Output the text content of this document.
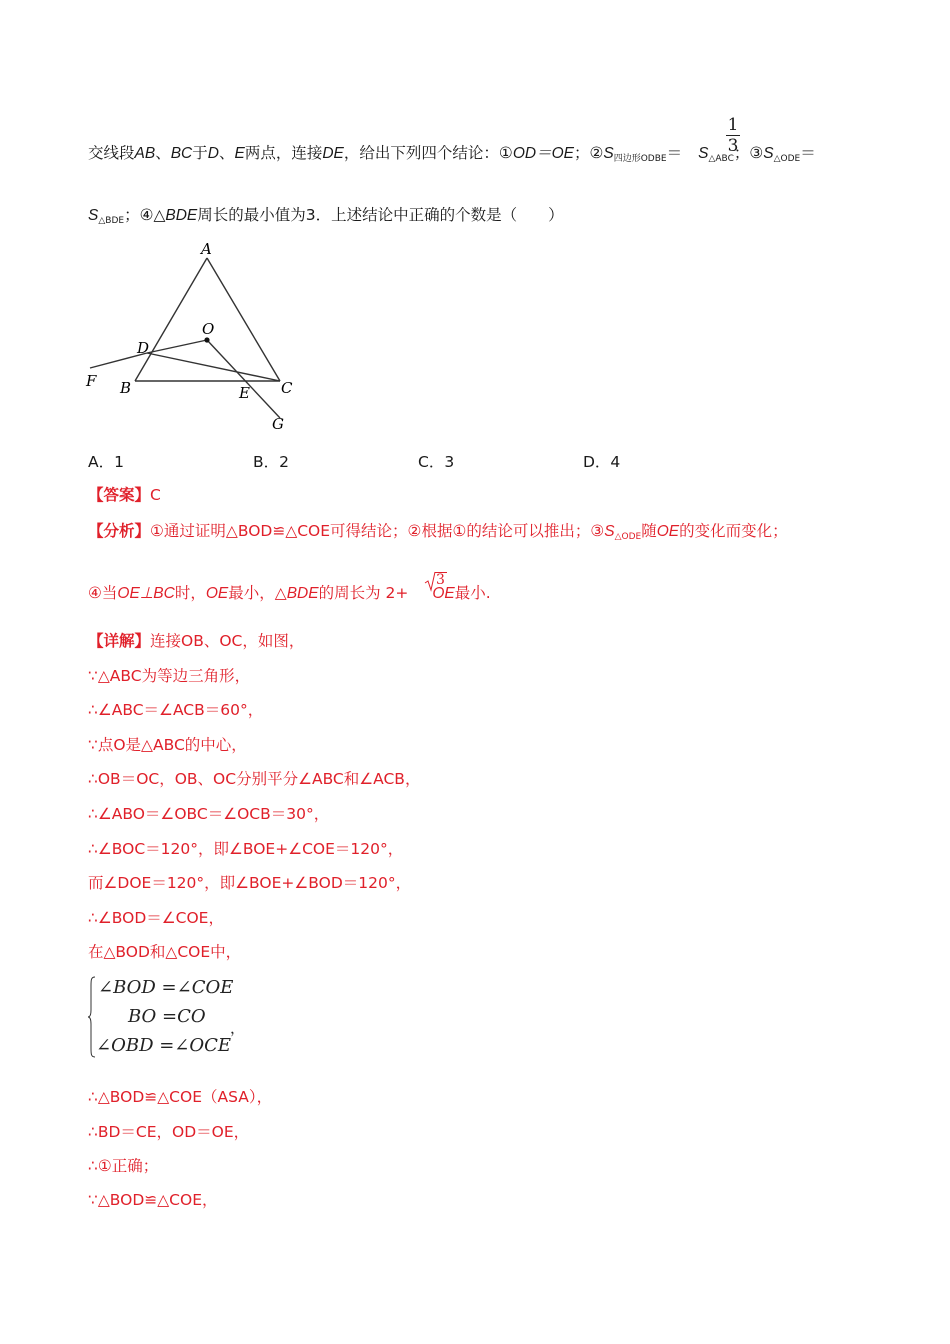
交线段AB、BC于D、E两点，连接DE，给出下列四个结论：①OD＝OE；$②S_{四边形ODBE}= S_{\triangle ABC}$；$③S_{\triangle ODE}=$
1
3
$S_{\triangle BDE}$；④△BDE周长的最小值为3．上述结论中正确的个数是（　　）
A
O
D
F B	E C
G
A．1	B．2	C．3	D．4
【答案】C
【分析】①通过证明△BOD≌△COE可得结论；②根据①的结论可以推出；$③S_{\triangle ODE}$随OE的变化而变化；
④当OE⊥BC时，OE最小，△BDE的周长为 2+ OE最小.
3
【详解】连接OB、OC，如图，
∵△ABC为等边三角形，
∴∠ABC＝∠ACB＝60°，
∵点O是△ABC的中心，
∴OB＝OC，OB、OC分别平分∠ABC和∠ACB，
∴∠ABO＝∠OBC＝∠OCB＝30°，
∴∠BOC＝120°，即∠BOE+∠COE＝120°，
而∠DOE＝120°，即∠BOE+∠BOD＝120°，
∴∠BOD＝∠COE，
在△BOD和△COE中，
∠BOD =∠COE
BO =CO
∠OBD =∠OCE
，
∴△BOD≌△COE（ASA），
∴BD＝CE，OD＝OE，
∴①正确；
∵△BOD≌△COE，
